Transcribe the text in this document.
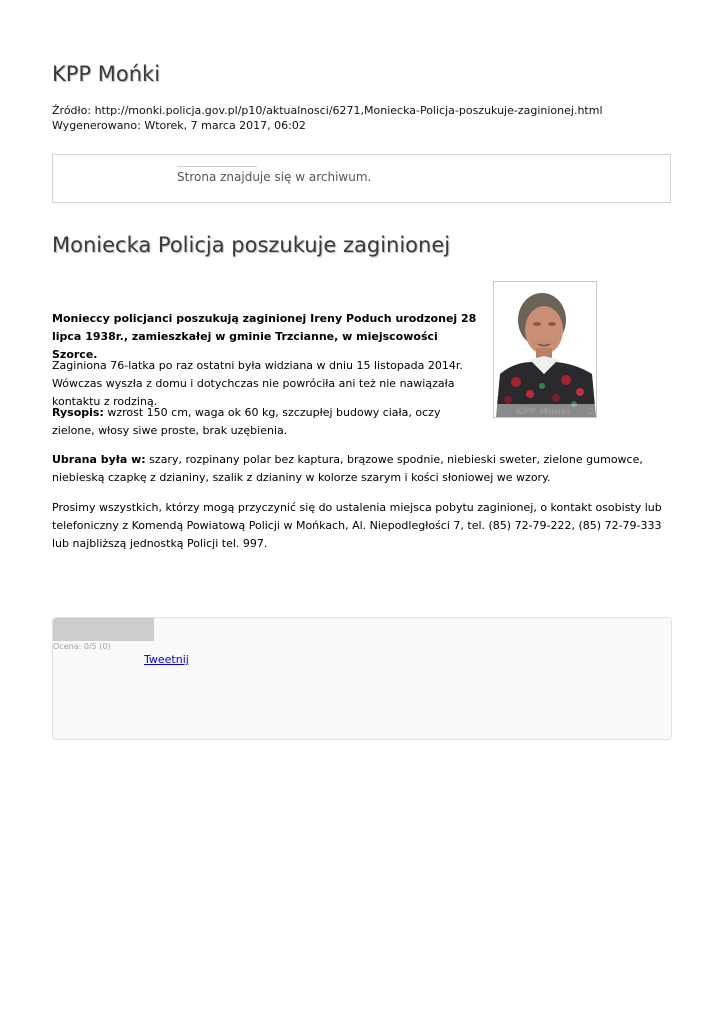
KPP Mońki
Źródło: http://monki.policja.gov.pl/p10/aktualnosci/6271,Moniecka-Policja-poszukuje-zaginionej.html
Wygenerowano: Wtorek, 7 marca 2017, 06:02
Strona znajduje się w archiwum.
Moniecka Policja poszukuje zaginionej
KPP Mońki

Monieccy policjanci poszukują zaginionej Ireny Poduch urodzonej 28 lipca 1938r., zamieszkałej w gminie Trzcianne, w miejscowości Szorce.

Zaginiona 76-latka po raz ostatni była widziana w dniu 15 listopada 2014r. Wówczas wyszła z domu i dotychczas nie powróciła ani też nie nawiązała kontaktu z rodziną.

Rysopis: wzrost 150 cm, waga ok 60 kg, szczupłej budowy ciała, oczy zielone, włosy siwe proste, brak uzębienia.

Ubrana była w: szary, rozpinany polar bez kaptura, brązowe spodnie, niebieski sweter, zielone gumowce, niebieską czapkę z dzianiny, szalik z dzianiny w kolorze szarym i kości słoniowej we wzory.

Prosimy wszystkich, którzy mogą przyczynić się do ustalenia miejsca pobytu zaginionej, o kontakt osobisty lub telefoniczny z Komendą Powiatową Policji w Mońkach, Al. Niepodległości 7, tel. (85) 72-79-222, (85) 72-79-333 lub najbliższą jednostką Policji tel. 997.

Ocena: 0/5 (0)
Tweetnij
